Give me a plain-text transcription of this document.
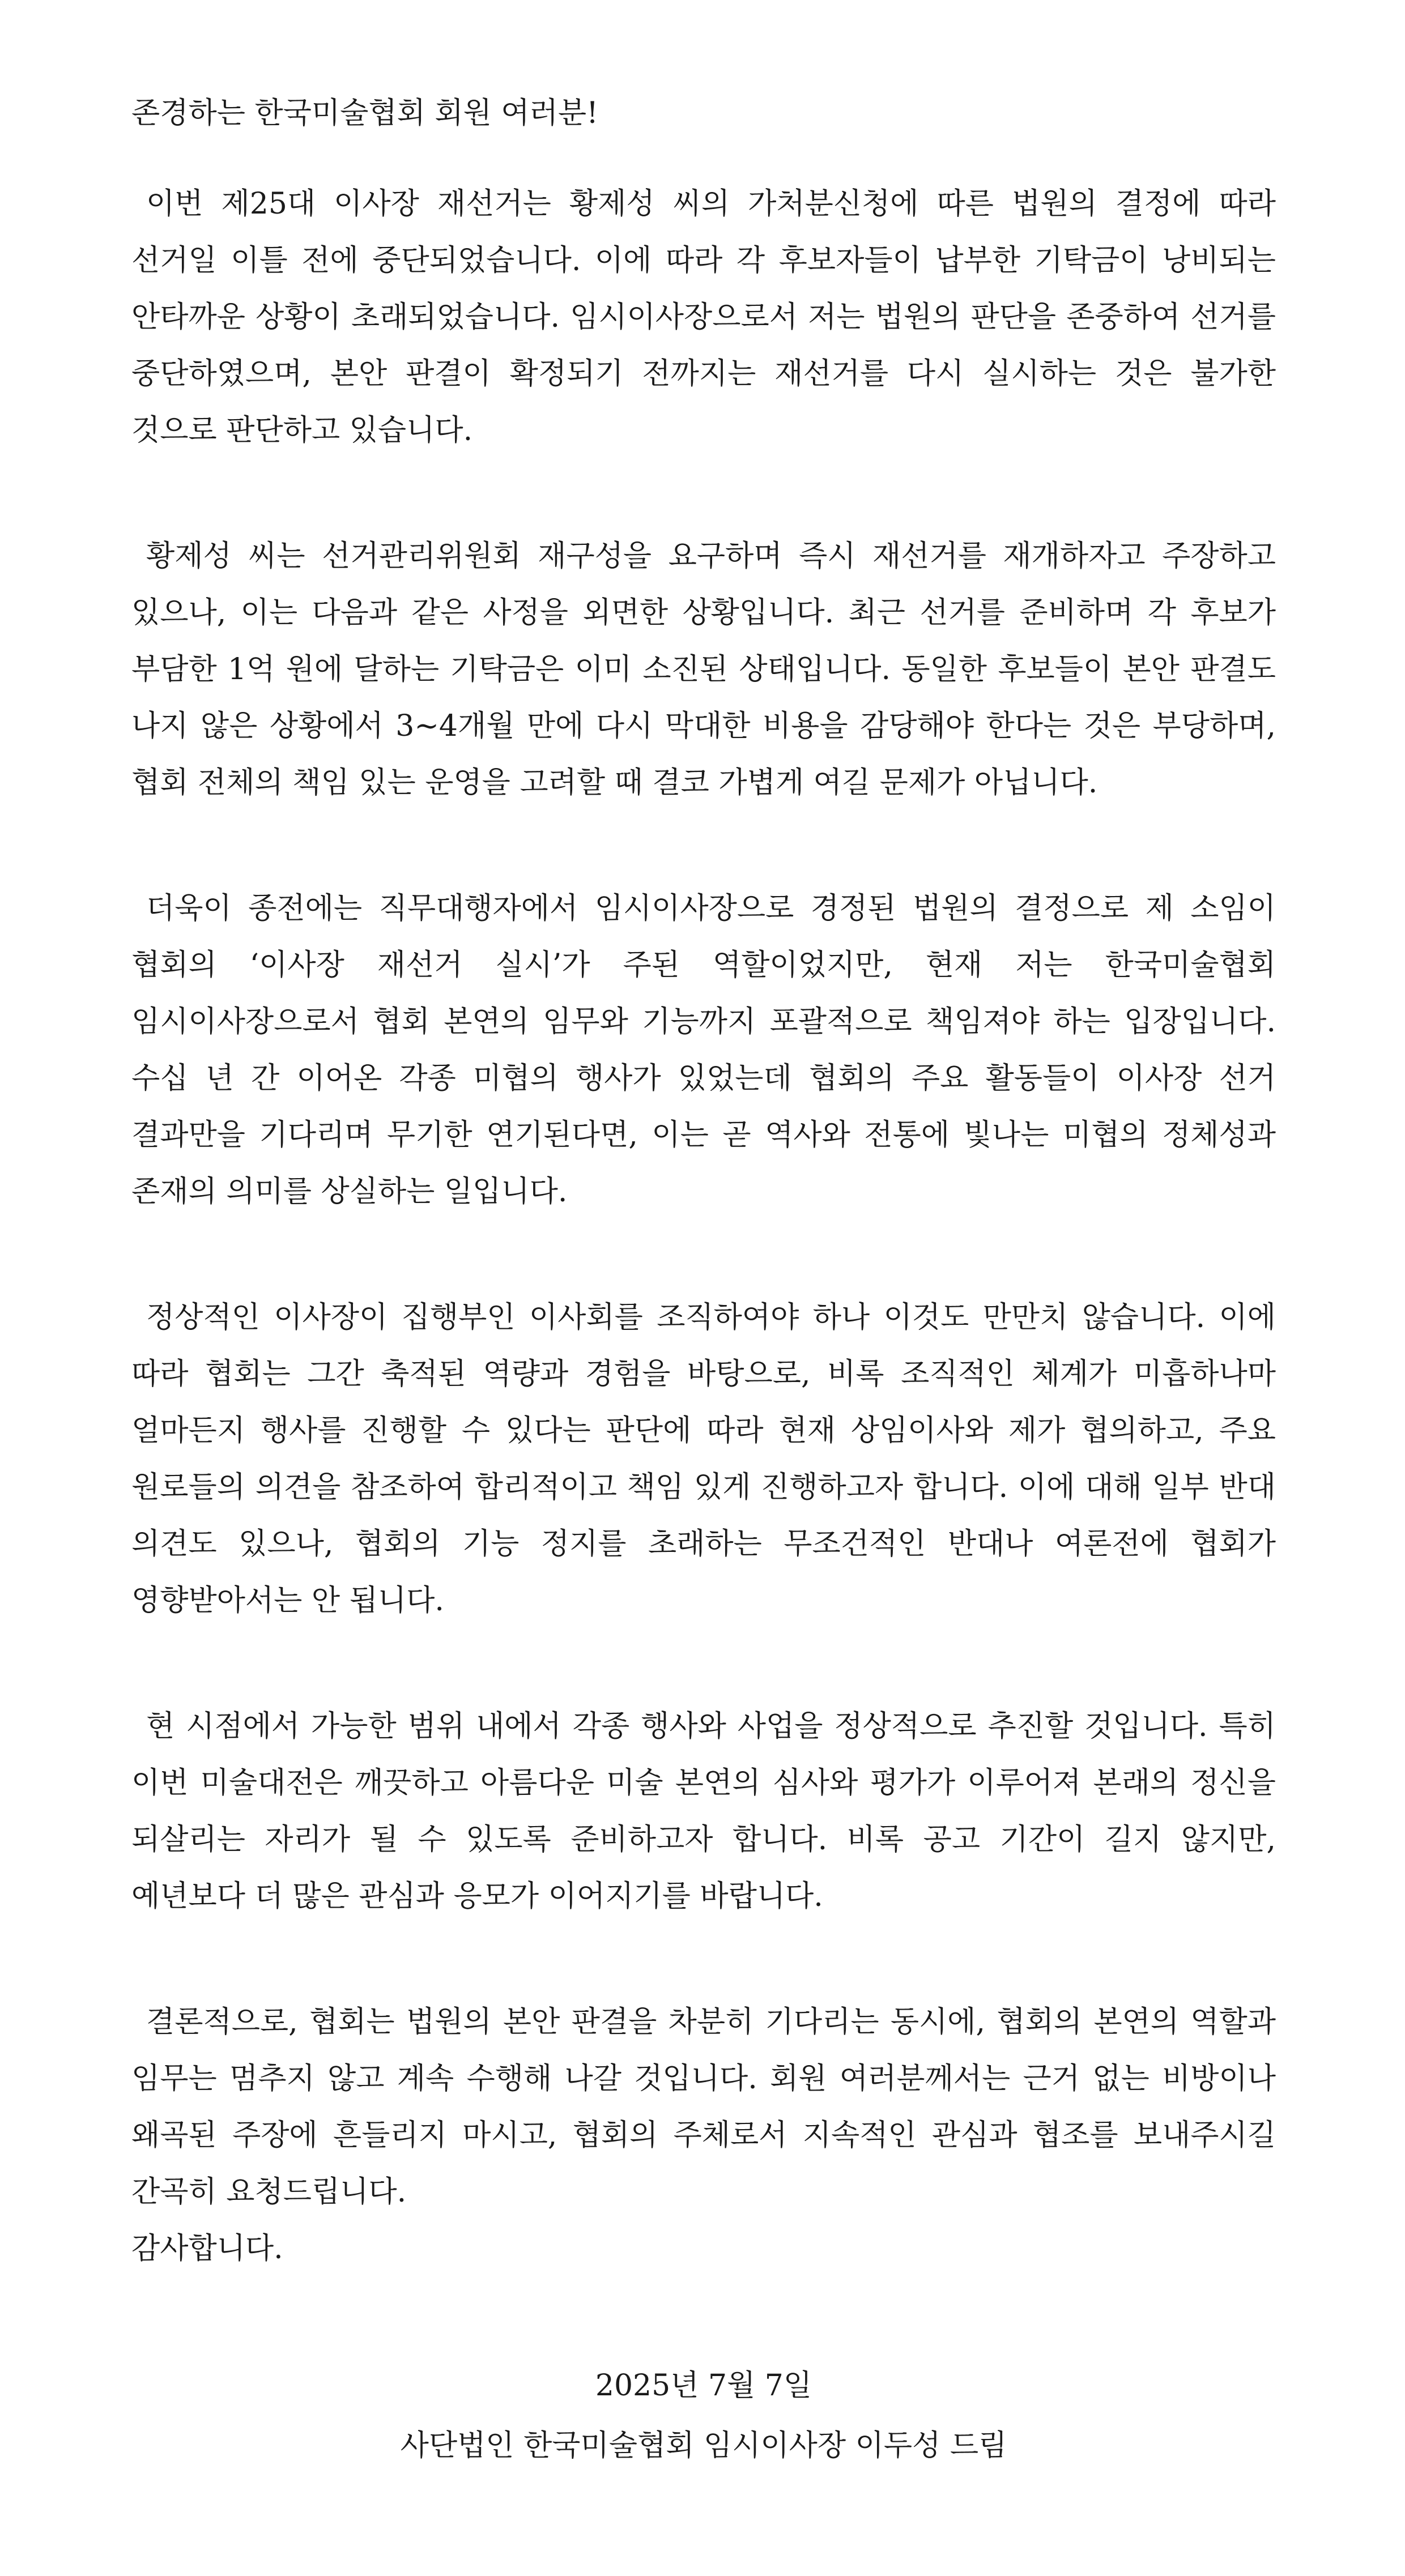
존경하는 한국미술협회 회원 여러분!

이번 제25대 이사장 재선거는 황제성 씨의 가처분신청에 따른 법원의 결정에 따라 선거일 이틀 전에 중단되었습니다. 이에 따라 각 후보자들이 납부한 기탁금이 낭비되는 안타까운 상황이 초래되었습니다. 임시이사장으로서 저는 법원의 판단을 존중하여 선거를 중단하였으며, 본안 판결이 확정되기 전까지는 재선거를 다시 실시하는 것은 불가한 것으로 판단하고 있습니다.

황제성 씨는 선거관리위원회 재구성을 요구하며 즉시 재선거를 재개하자고 주장하고 있으나, 이는 다음과 같은 사정을 외면한 상황입니다. 최근 선거를 준비하며 각 후보가 부담한 1억 원에 달하는 기탁금은 이미 소진된 상태입니다. 동일한 후보들이 본안 판결도 나지 않은 상황에서 3~4개월 만에 다시 막대한 비용을 감당해야 한다는 것은 부당하며, 협회 전체의 책임 있는 운영을 고려할 때 결코 가볍게 여길 문제가 아닙니다.

더욱이 종전에는 직무대행자에서 임시이사장으로 경정된 법원의 결정으로 제 소임이 협회의 ‘이사장 재선거 실시’가 주된 역할이었지만, 현재 저는 한국미술협회 임시이사장으로서 협회 본연의 임무와 기능까지 포괄적으로 책임져야 하는 입장입니다. 수십 년 간 이어온 각종 미협의 행사가 있었는데 협회의 주요 활동들이 이사장 선거 결과만을 기다리며 무기한 연기된다면, 이는 곧 역사와 전통에 빛나는 미협의 정체성과 존재의 의미를 상실하는 일입니다.

정상적인 이사장이 집행부인 이사회를 조직하여야 하나 이것도 만만치 않습니다. 이에 따라 협회는 그간 축적된 역량과 경험을 바탕으로, 비록 조직적인 체계가 미흡하나마 얼마든지 행사를 진행할 수 있다는 판단에 따라 현재 상임이사와 제가 협의하고, 주요 원로들의 의견을 참조하여 합리적이고 책임 있게 진행하고자 합니다. 이에 대해 일부 반대 의견도 있으나, 협회의 기능 정지를 초래하는 무조건적인 반대나 여론전에 협회가 영향받아서는 안 됩니다.

현 시점에서 가능한 범위 내에서 각종 행사와 사업을 정상적으로 추진할 것입니다. 특히 이번 미술대전은 깨끗하고 아름다운 미술 본연의 심사와 평가가 이루어져 본래의 정신을 되살리는 자리가 될 수 있도록 준비하고자 합니다. 비록 공고 기간이 길지 않지만, 예년보다 더 많은 관심과 응모가 이어지기를 바랍니다.

결론적으로, 협회는 법원의 본안 판결을 차분히 기다리는 동시에, 협회의 본연의 역할과 임무는 멈추지 않고 계속 수행해 나갈 것입니다. 회원 여러분께서는 근거 없는 비방이나 왜곡된 주장에 흔들리지 마시고, 협회의 주체로서 지속적인 관심과 협조를 보내주시길 간곡히 요청드립니다.

감사합니다.

2025년 7월 7일
사단법인 한국미술협회 임시이사장 이두성 드림
